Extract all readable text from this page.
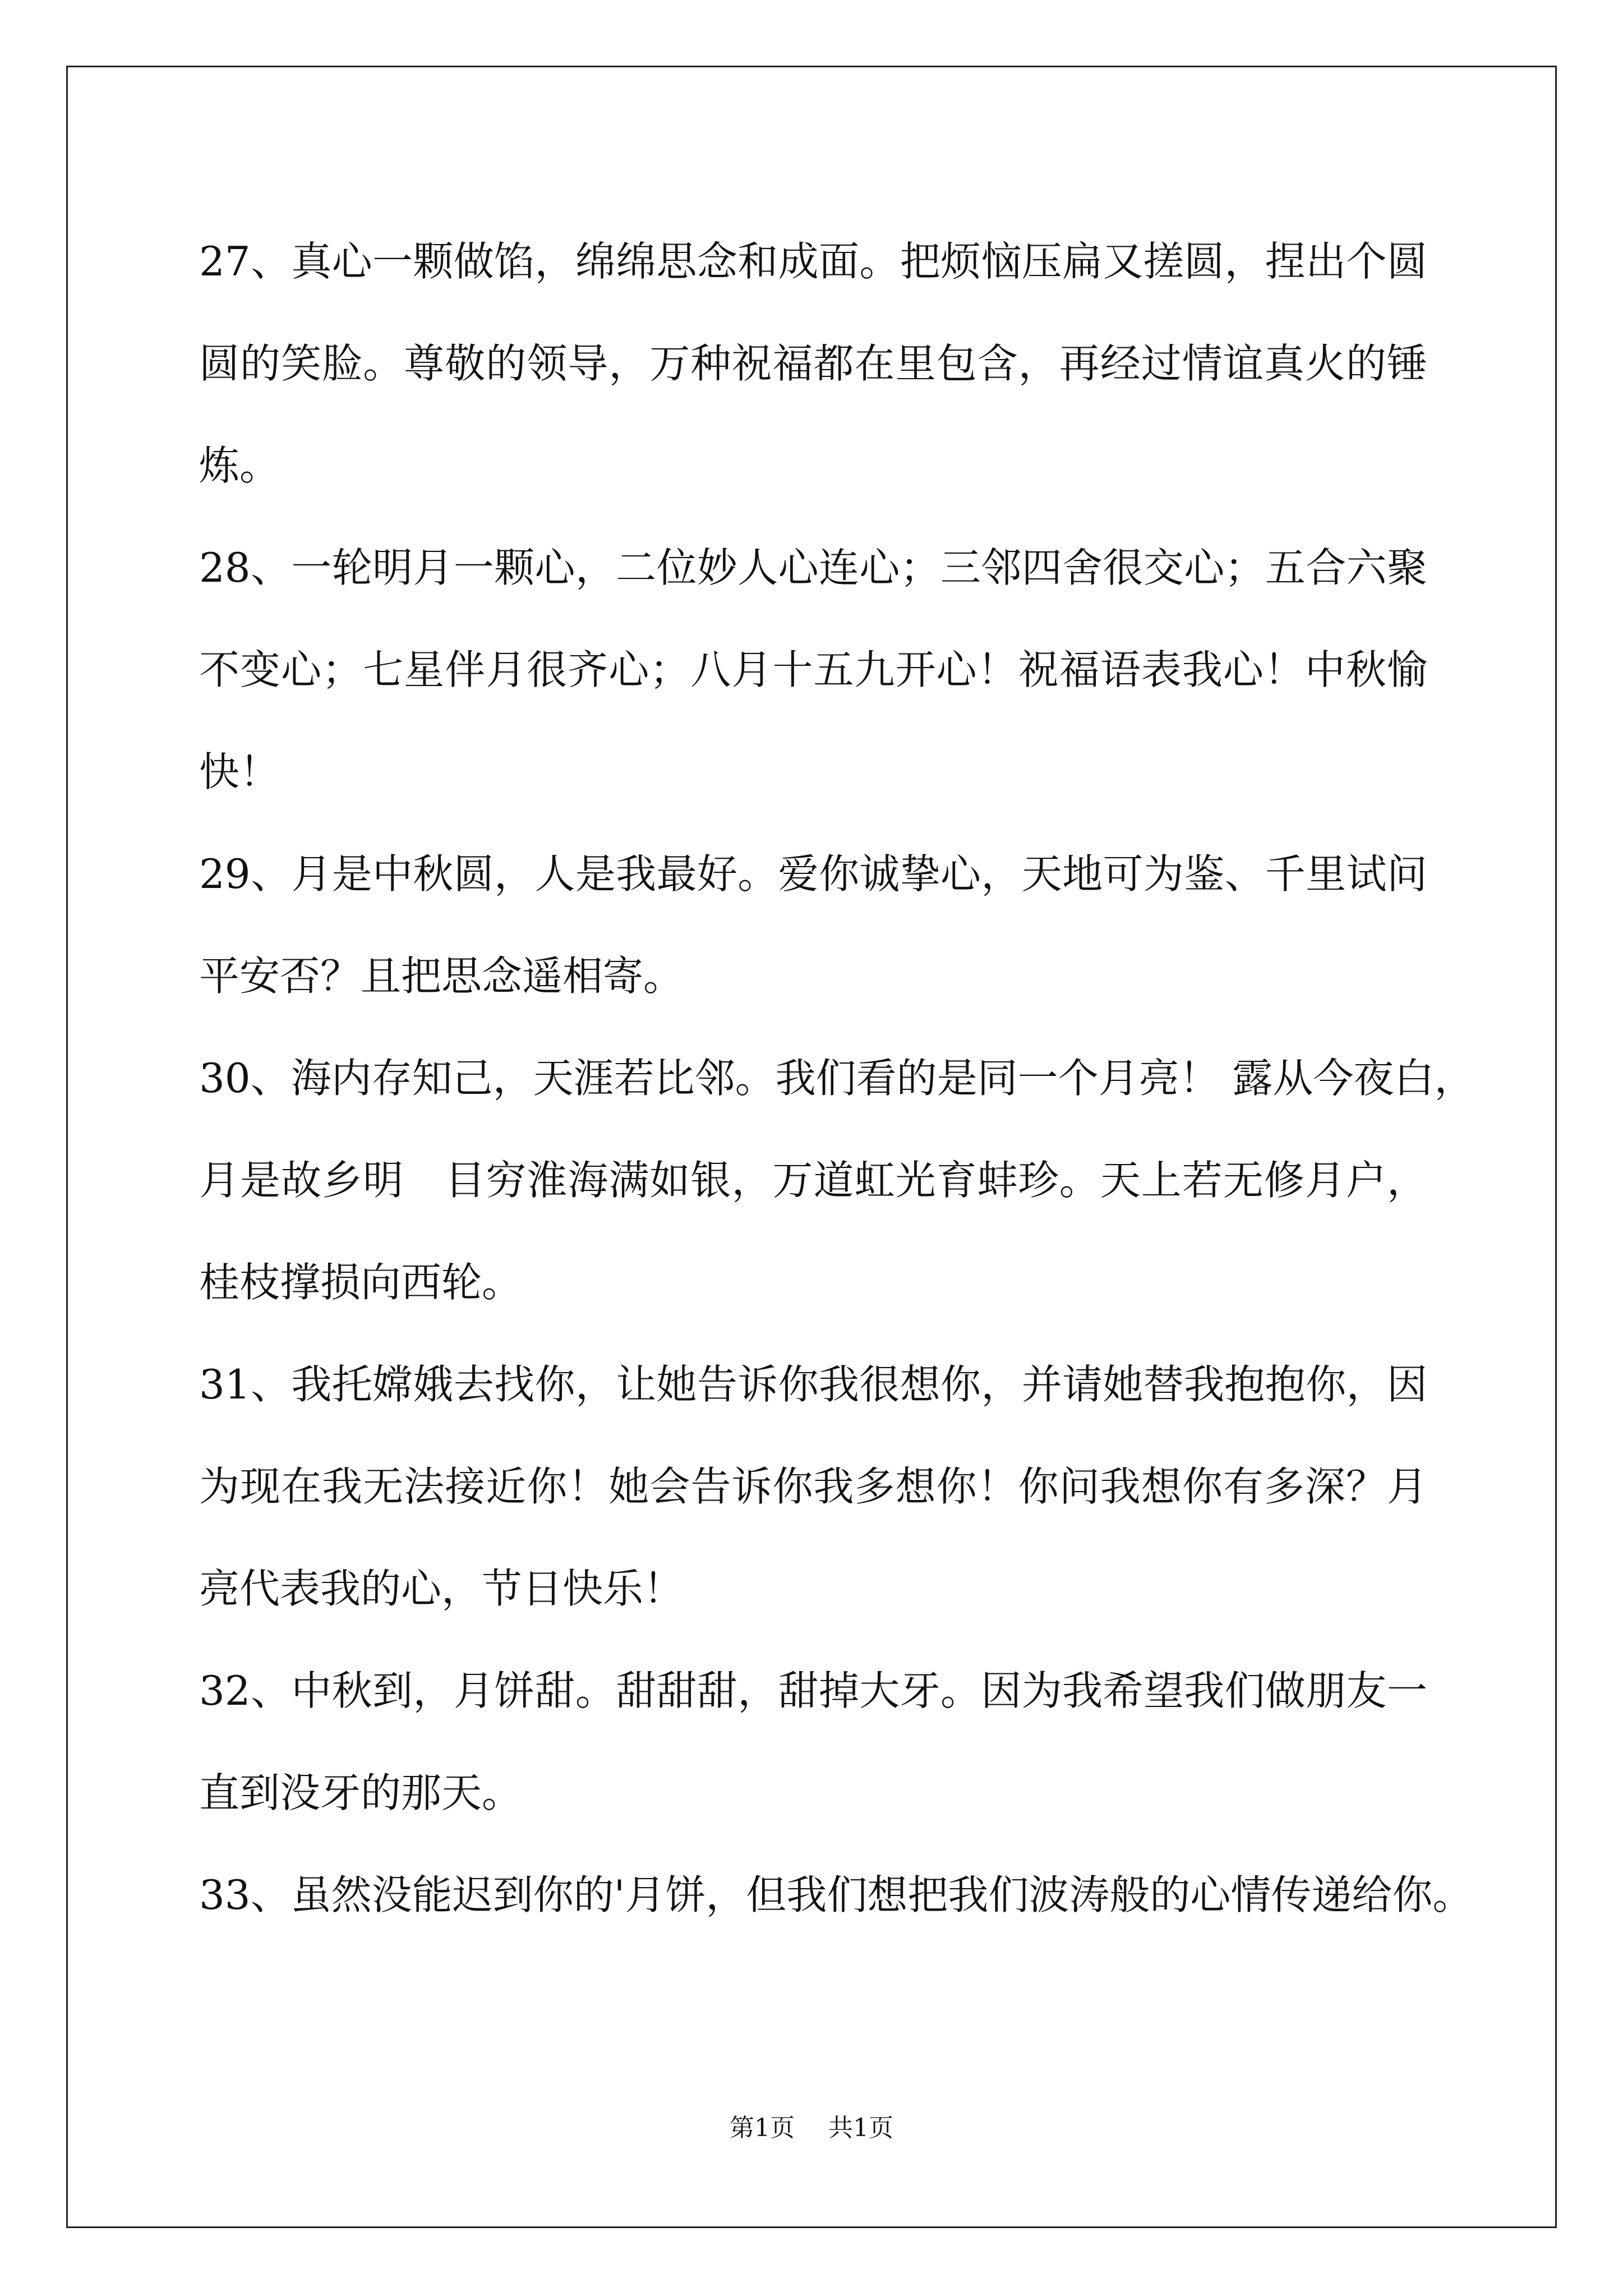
27、真心一颗做馅，绵绵思念和成面。把烦恼压扁又搓圆，捏出个圆
圆的笑脸。尊敬的领导，万种祝福都在里包含，再经过情谊真火的锤
炼。
28、一轮明月一颗心，二位妙人心连心；三邻四舍很交心；五合六聚
不变心；七星伴月很齐心；八月十五九开心！祝福语表我心！中秋愉
快！
29、月是中秋圆，人是我最好。爱你诚挚心，天地可为鉴、千里试问
平安否？且把思念遥相寄。
30、海内存知己，天涯若比邻。我们看的是同一个月亮！ 露从今夜白，
月是故乡明　目穷淮海满如银，万道虹光育蚌珍。天上若无修月户，
桂枝撑损向西轮。
31、我托嫦娥去找你，让她告诉你我很想你，并请她替我抱抱你，因
为现在我无法接近你！她会告诉你我多想你！你问我想你有多深？月
亮代表我的心，节日快乐！
32、中秋到，月饼甜。甜甜甜，甜掉大牙。因为我希望我们做朋友一
直到没牙的那天。
33、虽然没能迟到你的'月饼，但我们想把我们波涛般的心情传递给你。
第1页 共1页
